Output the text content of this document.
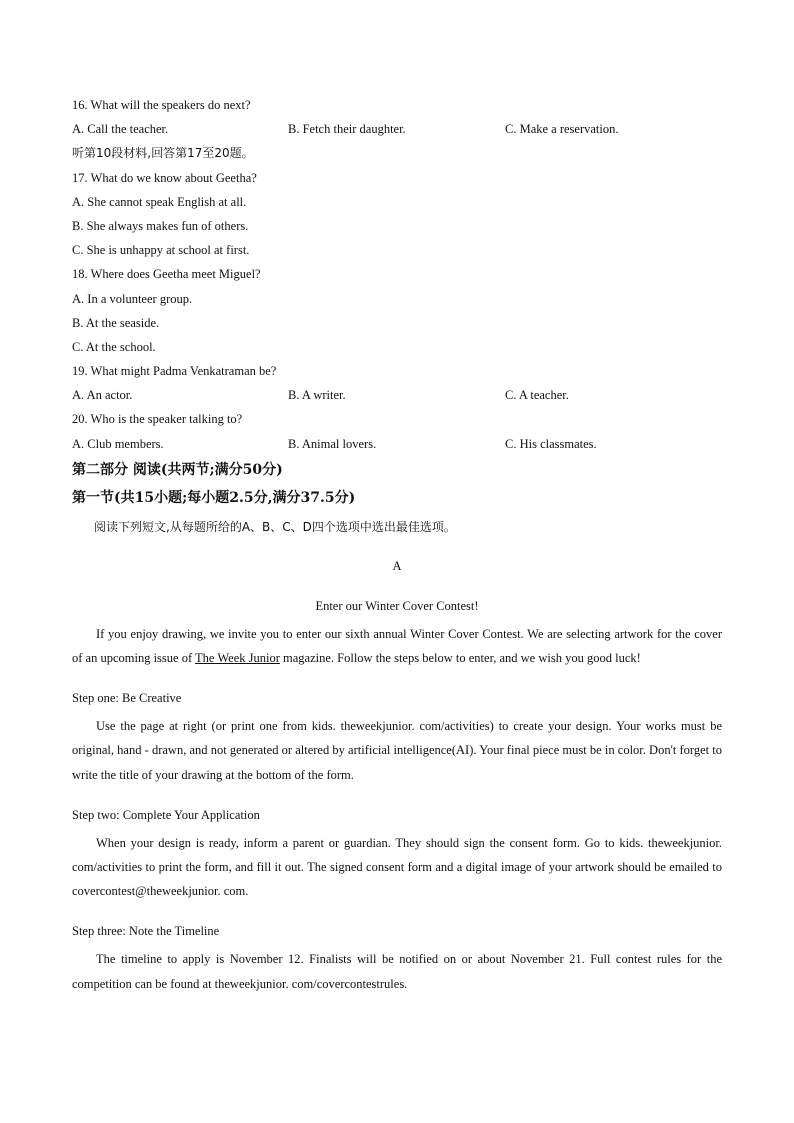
16. What will the speakers do next?
A. Call the teacher.	B. Fetch their daughter.	C. Make a reservation.
听第10段材料,回答第17至20题。
17. What do we know about Geetha?
A. She cannot speak English at all.
B. She always makes fun of others.
C. She is unhappy at school at first.
18. Where does Geetha meet Miguel?
A. In a volunteer group.
B. At the seaside.
C. At the school.
19. What might Padma Venkatraman be?
A. An actor.	B. A writer.	C. A teacher.
20. Who is the speaker talking to?
A. Club members.	B. Animal lovers.	C. His classmates.
第二部分 阅读(共两节;满分50分)
第一节(共15小题;每小题2.5分,满分37.5分)
阅读下列短文,从每题所给的A、B、C、D四个选项中选出最佳选项。
A
Enter our Winter Cover Contest!
If you enjoy drawing, we invite you to enter our sixth annual Winter Cover Contest. We are selecting artwork for the cover of an upcoming issue of The Week Junior magazine. Follow the steps below to enter, and we wish you good luck!
Step one: Be Creative
Use the page at right (or print one from kids. theweekjunior. com/activities) to create your design. Your works must be original, hand - drawn, and not generated or altered by artificial intelligence(AI). Your final piece must be in color. Don't forget to write the title of your drawing at the bottom of the form.
Step two: Complete Your Application
When your design is ready, inform a parent or guardian. They should sign the consent form. Go to kids. theweekjunior. com/activities to print the form, and fill it out. The signed consent form and a digital image of your artwork should be emailed to covercontest@theweekjunior. com.
Step three: Note the Timeline
The timeline to apply is November 12. Finalists will be notified on or about November 21. Full contest rules for the competition can be found at theweekjunior. com/covercontestrules.
